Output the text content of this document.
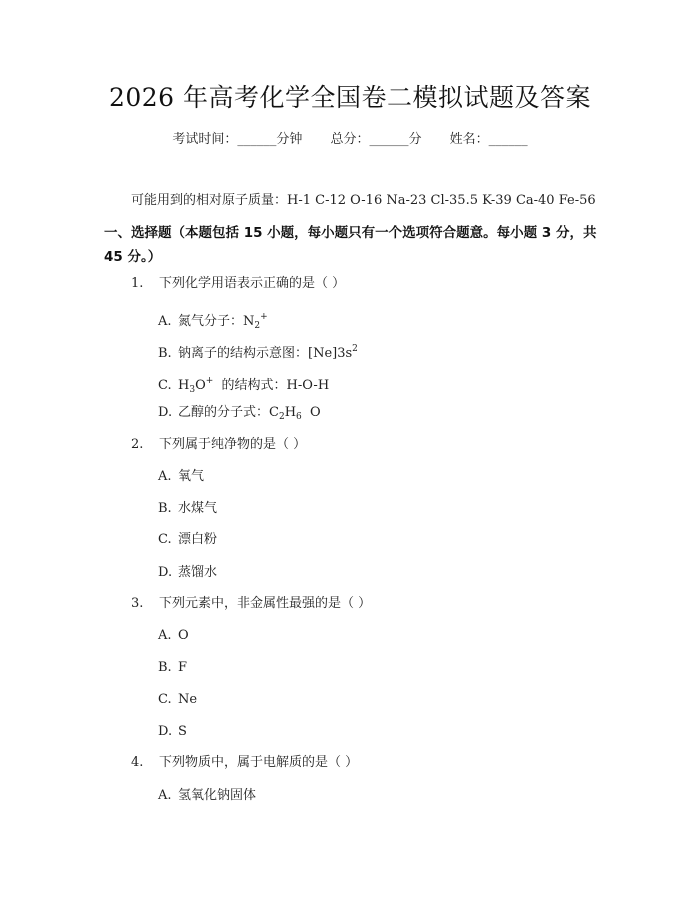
2026 年高考化学全国卷二模拟试题及答案
考试时间：______分钟 总分：______分 姓名：______
可能用到的相对原子质量：H-1 C-12 O-16 Na-23 Cl-35.5 K-39 Ca-40 Fe-56
一、选择题（本题包括 15 小题，每小题只有一个选项符合题意。每小题 3 分，共 45 分。）
1. 下列化学用语表示正确的是（ ）
A. 氮气分子：$N_2^+$
B. 钠离子的结构示意图：$[Ne]3s^2$
C. $H_3O^+$  的结构式：H-O-H
D. 乙醇的分子式：$C_2H_6$  O
2. 下列属于纯净物的是（ ）
A. 氧气
B. 水煤气
C. 漂白粉
D. 蒸馏水
3. 下列元素中，非金属性最强的是（ ）
A. O
B. F
C. Ne
D. S
4. 下列物质中，属于电解质的是（ ）
A. 氢氧化钠固体
